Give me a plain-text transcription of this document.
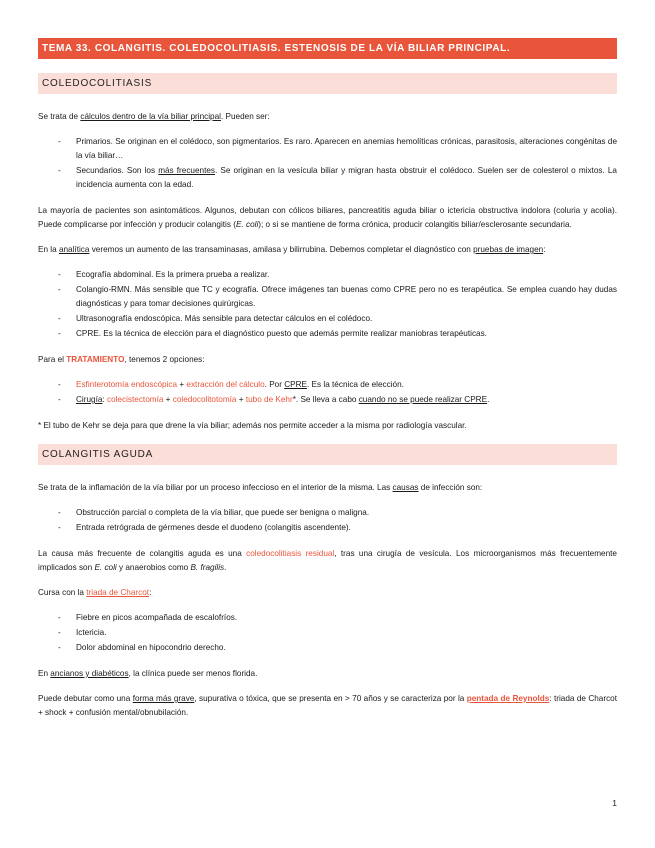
TEMA 33. COLANGITIS. COLEDOCOLITIASIS. ESTENOSIS DE LA VÍA BILIAR PRINCIPAL.
COLEDOCOLITIASIS

Se trata de cálculos dentro de la vía biliar principal. Pueden ser:

- Primarios. Se originan en el colédoco, son pigmentarios. Es raro. Aparecen en anemias hemolíticas crónicas, parasitosis, alteraciones congénitas de la vía biliar…
- Secundarios. Son los más frecuentes. Se originan en la vesícula biliar y migran hasta obstruir el colédoco. Suelen ser de colesterol o mixtos. La incidencia aumenta con la edad.

La mayoría de pacientes son asintomáticos. Algunos, debutan con cólicos biliares, pancreatitis aguda biliar o ictericia obstructiva indolora (coluria y acolia). Puede complicarse por infección y producir colangitis (E. coli); o si se mantiene de forma crónica, producir colangitis biliar/esclerosante secundaria.

En la analítica veremos un aumento de las transaminasas, amilasa y bilirrubina. Debemos completar el diagnóstico con pruebas de imagen:

- Ecografía abdominal. Es la primera prueba a realizar.
- Colangio-RMN. Más sensible que TC y ecografía. Ofrece imágenes tan buenas como CPRE pero no es terapéutica. Se emplea cuando hay dudas diagnósticas y para tomar decisiones quirúrgicas.
- Ultrasonografía endoscópica. Más sensible para detectar cálculos en el colédoco.
- CPRE. Es la técnica de elección para el diagnóstico puesto que además permite realizar maniobras terapéuticas.

Para el TRATAMIENTO, tenemos 2 opciones:

- Esfinterotomía endoscópica + extracción del cálculo. Por CPRE. Es la técnica de elección.
- Cirugía: colecistectomía + coledocolitotomía + tubo de Kehr*. Se lleva a cabo cuando no se puede realizar CPRE.

* El tubo de Kehr se deja para que drene la vía biliar; además nos permite acceder a la misma por radiología vascular.

COLANGITIS AGUDA

Se trata de la inflamación de la vía biliar por un proceso infeccioso en el interior de la misma. Las causas de infección son:

- Obstrucción parcial o completa de la vía biliar, que puede ser benigna o maligna.
- Entrada retrógrada de gérmenes desde el duodeno (colangitis ascendente).

La causa más frecuente de colangitis aguda es una coledocolitiasis residual, tras una cirugía de vesícula. Los microorganismos más frecuentemente implicados son E. coli y anaerobios como B. fragilis.

Cursa con la triada de Charcot:

- Fiebre en picos acompañada de escalofríos.
- Ictericia.
- Dolor abdominal en hipocondrio derecho.

En ancianos y diabéticos, la clínica puede ser menos florida.

Puede debutar como una forma más grave, supurativa o tóxica, que se presenta en > 70 años y se caracteriza por la pentada de Reynolds: triada de Charcot + shock + confusión mental/obnubilación.

1
